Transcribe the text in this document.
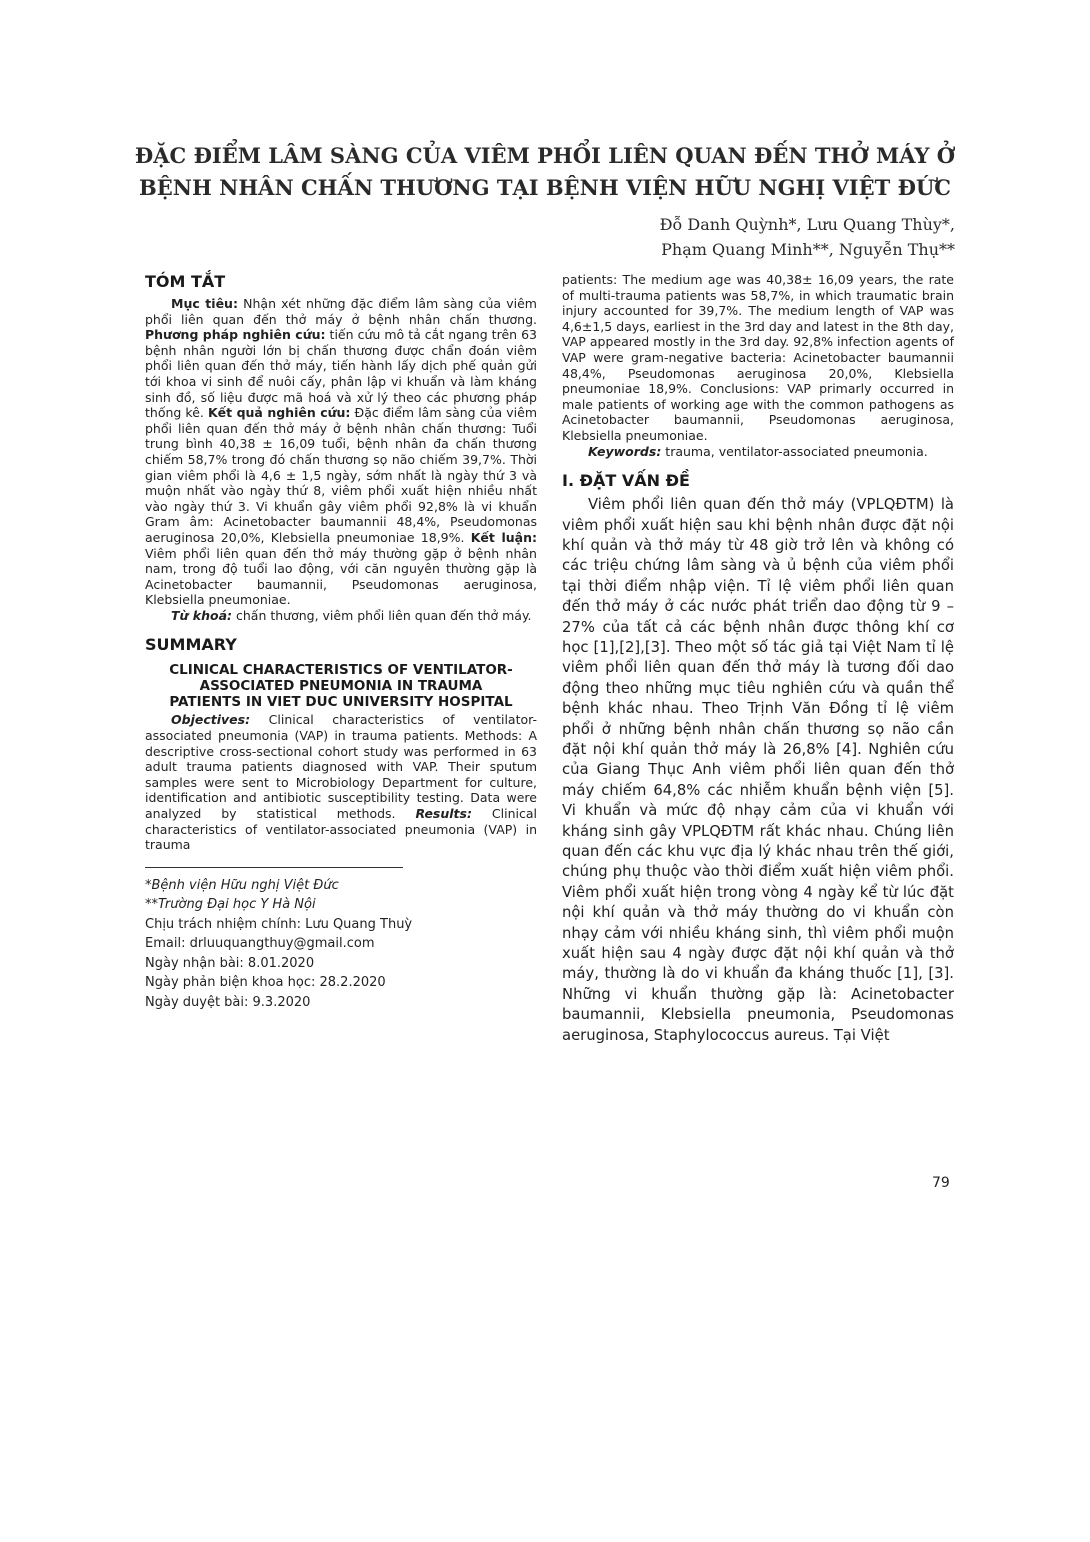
ĐẶC ĐIỂM LÂM SÀNG CỦA VIÊM PHỔI LIÊN QUAN ĐẾN THỞ MÁY Ở
BỆNH NHÂN CHẤN THƯƠNG TẠI BỆNH VIỆN HỮU NGHỊ VIỆT ĐỨC
Đỗ Danh Quỳnh*, Lưu Quang Thùy*,
Phạm Quang Minh**, Nguyễn Thụ**
TÓM TẮT

Mục tiêu: Nhận xét những đặc điểm lâm sàng của viêm phổi liên quan đến thở máy ở bệnh nhân chấn thương. Phương pháp nghiên cứu: tiến cứu mô tả cắt ngang trên 63 bệnh nhân người lớn bị chấn thương được chẩn đoán viêm phổi liên quan đến thở máy, tiến hành lấy dịch phế quản gửi tới khoa vi sinh để nuôi cấy, phân lập vi khuẩn và làm kháng sinh đồ, số liệu được mã hoá và xử lý theo các phương pháp thống kê. Kết quả nghiên cứu: Đặc điểm lâm sàng của viêm phổi liên quan đến thở máy ở bệnh nhân chấn thương: Tuổi trung bình 40,38 ± 16,09 tuổi, bệnh nhân đa chấn thương chiếm 58,7% trong đó chấn thương sọ não chiếm 39,7%. Thời gian viêm phổi là 4,6 ± 1,5 ngày, sớm nhất là ngày thứ 3 và muộn nhất vào ngày thứ 8, viêm phổi xuất hiện nhiều nhất vào ngày thứ 3. Vi khuẩn gây viêm phổi 92,8% là vi khuẩn Gram âm: Acinetobacter baumannii 48,4%, Pseudomonas aeruginosa 20,0%, Klebsiella pneumoniae 18,9%. Kết luận: Viêm phổi liên quan đến thở máy thường gặp ở bệnh nhân nam, trong độ tuổi lao động, với căn nguyên thường gặp là Acinetobacter baumannii, Pseudomonas aeruginosa, Klebsiella pneumoniae.

Từ khoá: chấn thương, viêm phổi liên quan đến thở máy.

SUMMARY
CLINICAL CHARACTERISTICS OF VENTILATOR-
ASSOCIATED PNEUMONIA IN TRAUMA
PATIENTS IN VIET DUC UNIVERSITY HOSPITAL

Objectives: Clinical characteristics of ventilator-associated pneumonia (VAP) in trauma patients. Methods: A descriptive cross-sectional cohort study was performed in 63 adult trauma patients diagnosed with VAP. Their sputum samples were sent to Microbiology Department for culture, identification and antibiotic susceptibility testing. Data were analyzed by statistical methods. Results: Clinical characteristics of ventilator-associated pneumonia (VAP) in trauma

*Bệnh viện Hữu nghị Việt Đức
**Trường Đại học Y Hà Nội
Chịu trách nhiệm chính: Lưu Quang Thuỳ
Email: drluuquangthuy@gmail.com
Ngày nhận bài: 8.01.2020
Ngày phản biện khoa học: 28.2.2020
Ngày duyệt bài: 9.3.2020

patients: The medium age was 40,38± 16,09 years, the rate of multi-trauma patients was 58,7%, in which traumatic brain injury accounted for 39,7%. The medium length of VAP was 4,6±1,5 days, earliest in the 3rd day and latest in the 8th day, VAP appeared mostly in the 3rd day. 92,8% infection agents of VAP were gram-negative bacteria: Acinetobacter baumannii 48,4%, Pseudomonas aeruginosa 20,0%, Klebsiella pneumoniae 18,9%. Conclusions: VAP primarly occurred in male patients of working age with the common pathogens as Acinetobacter baumannii, Pseudomonas aeruginosa, Klebsiella pneumoniae.

Keywords: trauma, ventilator-associated pneumonia.

I. ĐẶT VẤN ĐỀ

Viêm phổi liên quan đến thở máy (VPLQĐTM) là viêm phổi xuất hiện sau khi bệnh nhân được đặt nội khí quản và thở máy từ 48 giờ trở lên và không có các triệu chứng lâm sàng và ủ bệnh của viêm phổi tại thời điểm nhập viện. Tỉ lệ viêm phổi liên quan đến thở máy ở các nước phát triển dao động từ 9 – 27% của tất cả các bệnh nhân được thông khí cơ học [1],[2],[3]. Theo một số tác giả tại Việt Nam tỉ lệ viêm phổi liên quan đến thở máy là tương đối dao động theo những mục tiêu nghiên cứu và quần thể bệnh khác nhau. Theo Trịnh Văn Đồng tỉ lệ viêm phổi ở những bệnh nhân chấn thương sọ não cần đặt nội khí quản thở máy là 26,8% [4]. Nghiên cứu của Giang Thục Anh viêm phổi liên quan đến thở máy chiếm 64,8% các nhiễm khuẩn bệnh viện [5]. Vi khuẩn và mức độ nhạy cảm của vi khuẩn với kháng sinh gây VPLQĐTM rất khác nhau. Chúng liên quan đến các khu vực địa lý khác nhau trên thế giới, chúng phụ thuộc vào thời điểm xuất hiện viêm phổi. Viêm phổi xuất hiện trong vòng 4 ngày kể từ lúc đặt nội khí quản và thở máy thường do vi khuẩn còn nhạy cảm với nhiều kháng sinh, thì viêm phổi muộn xuất hiện sau 4 ngày được đặt nội khí quản và thở máy, thường là do vi khuẩn đa kháng thuốc [1], [3]. Những vi khuẩn thường gặp là: Acinetobacter baumannii, Klebsiella pneumonia, Pseudomonas aeruginosa, Staphylococcus aureus. Tại Việt

79
